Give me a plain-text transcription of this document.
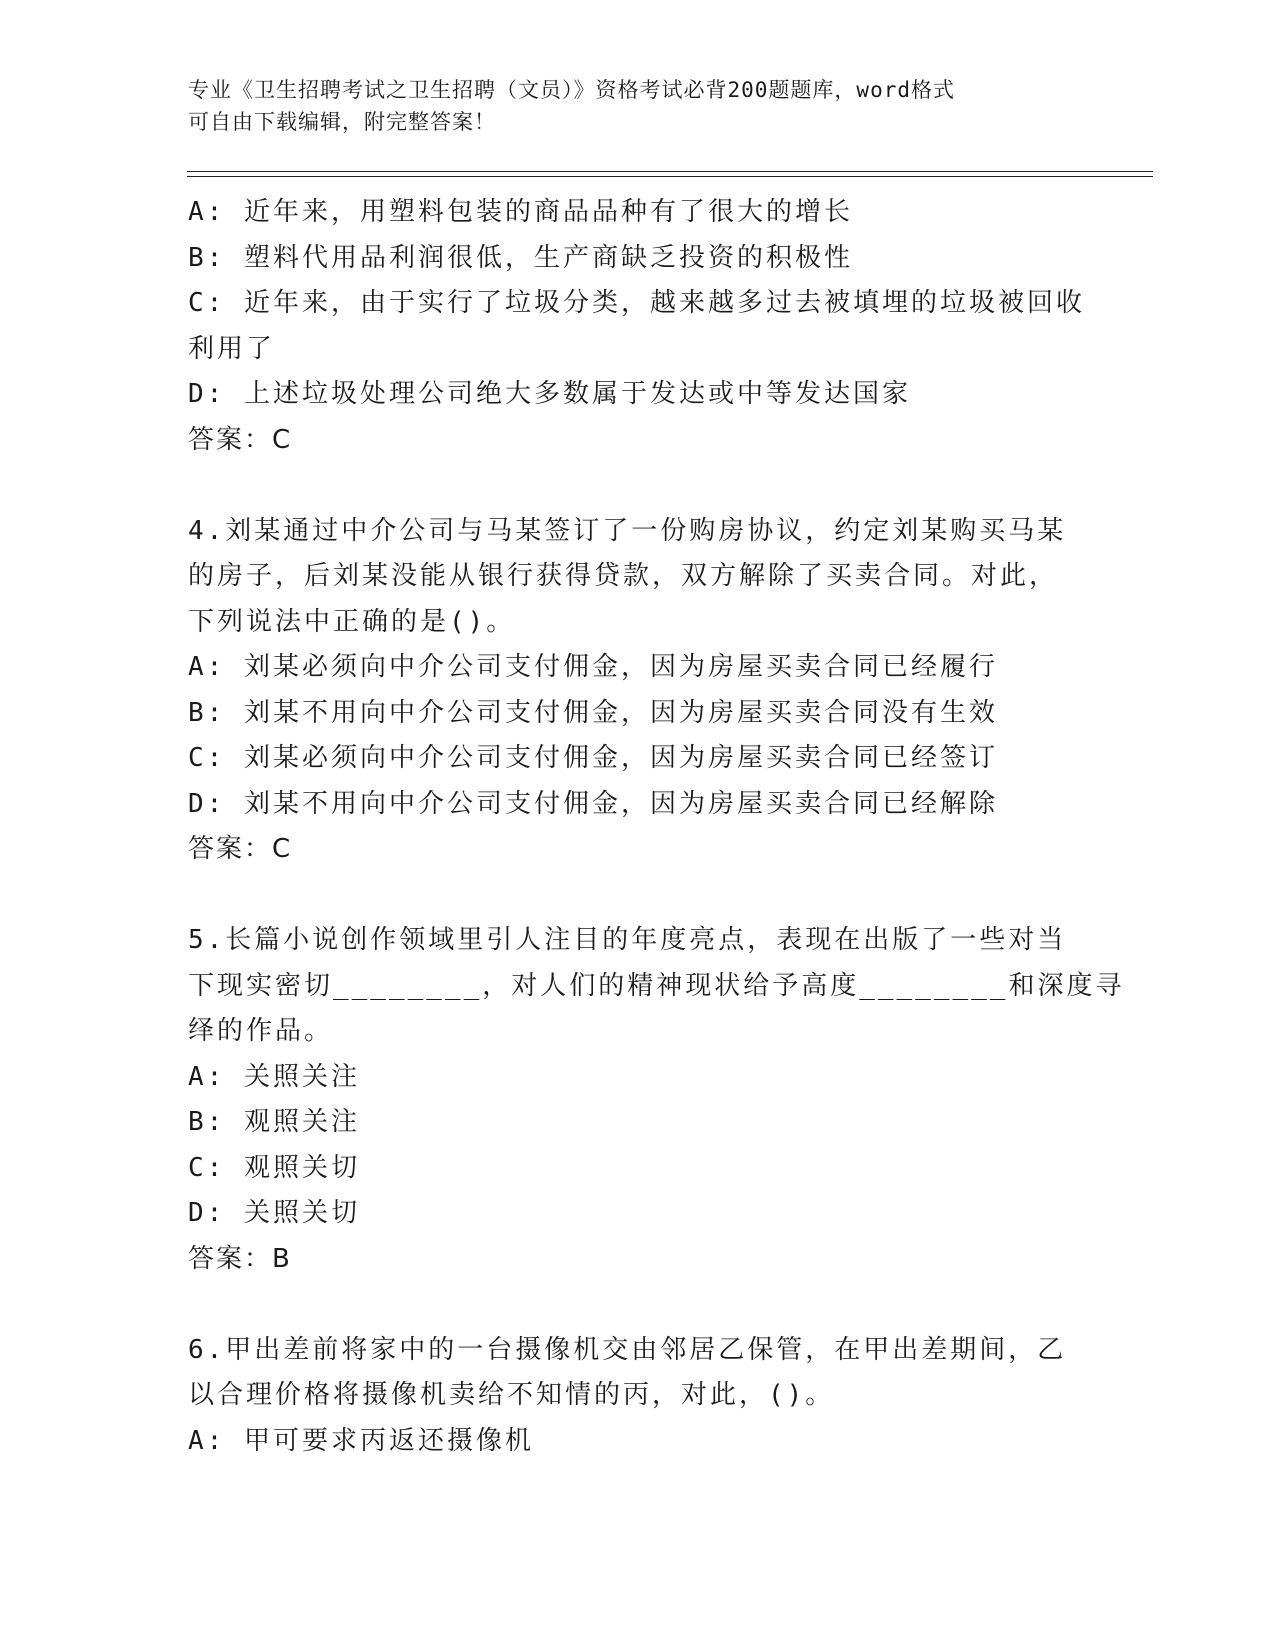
专业《卫生招聘考试之卫生招聘（文员）》资格考试必背200题题库，word格式
可自由下载编辑，附完整答案！
A: 近年来，用塑料包装的商品品种有了很大的增长
B: 塑料代用品利润很低，生产商缺乏投资的积极性
C: 近年来，由于实行了垃圾分类，越来越多过去被填埋的垃圾被回收
利用了
D: 上述垃圾处理公司绝大多数属于发达或中等发达国家
答案：C
4.刘某通过中介公司与马某签订了一份购房协议，约定刘某购买马某
的房子，后刘某没能从银行获得贷款，双方解除了买卖合同。对此，
下列说法中正确的是()。
A: 刘某必须向中介公司支付佣金，因为房屋买卖合同已经履行
B: 刘某不用向中介公司支付佣金，因为房屋买卖合同没有生效
C: 刘某必须向中介公司支付佣金，因为房屋买卖合同已经签订
D: 刘某不用向中介公司支付佣金，因为房屋买卖合同已经解除
答案：C
5.长篇小说创作领域里引人注目的年度亮点，表现在出版了一些对当
下现实密切________，对人们的精神现状给予高度________和深度寻
绎的作品。
A: 关照关注
B: 观照关注
C: 观照关切
D: 关照关切
答案：B
6.甲出差前将家中的一台摄像机交由邻居乙保管，在甲出差期间，乙
以合理价格将摄像机卖给不知情的丙，对此，()。
A: 甲可要求丙返还摄像机
